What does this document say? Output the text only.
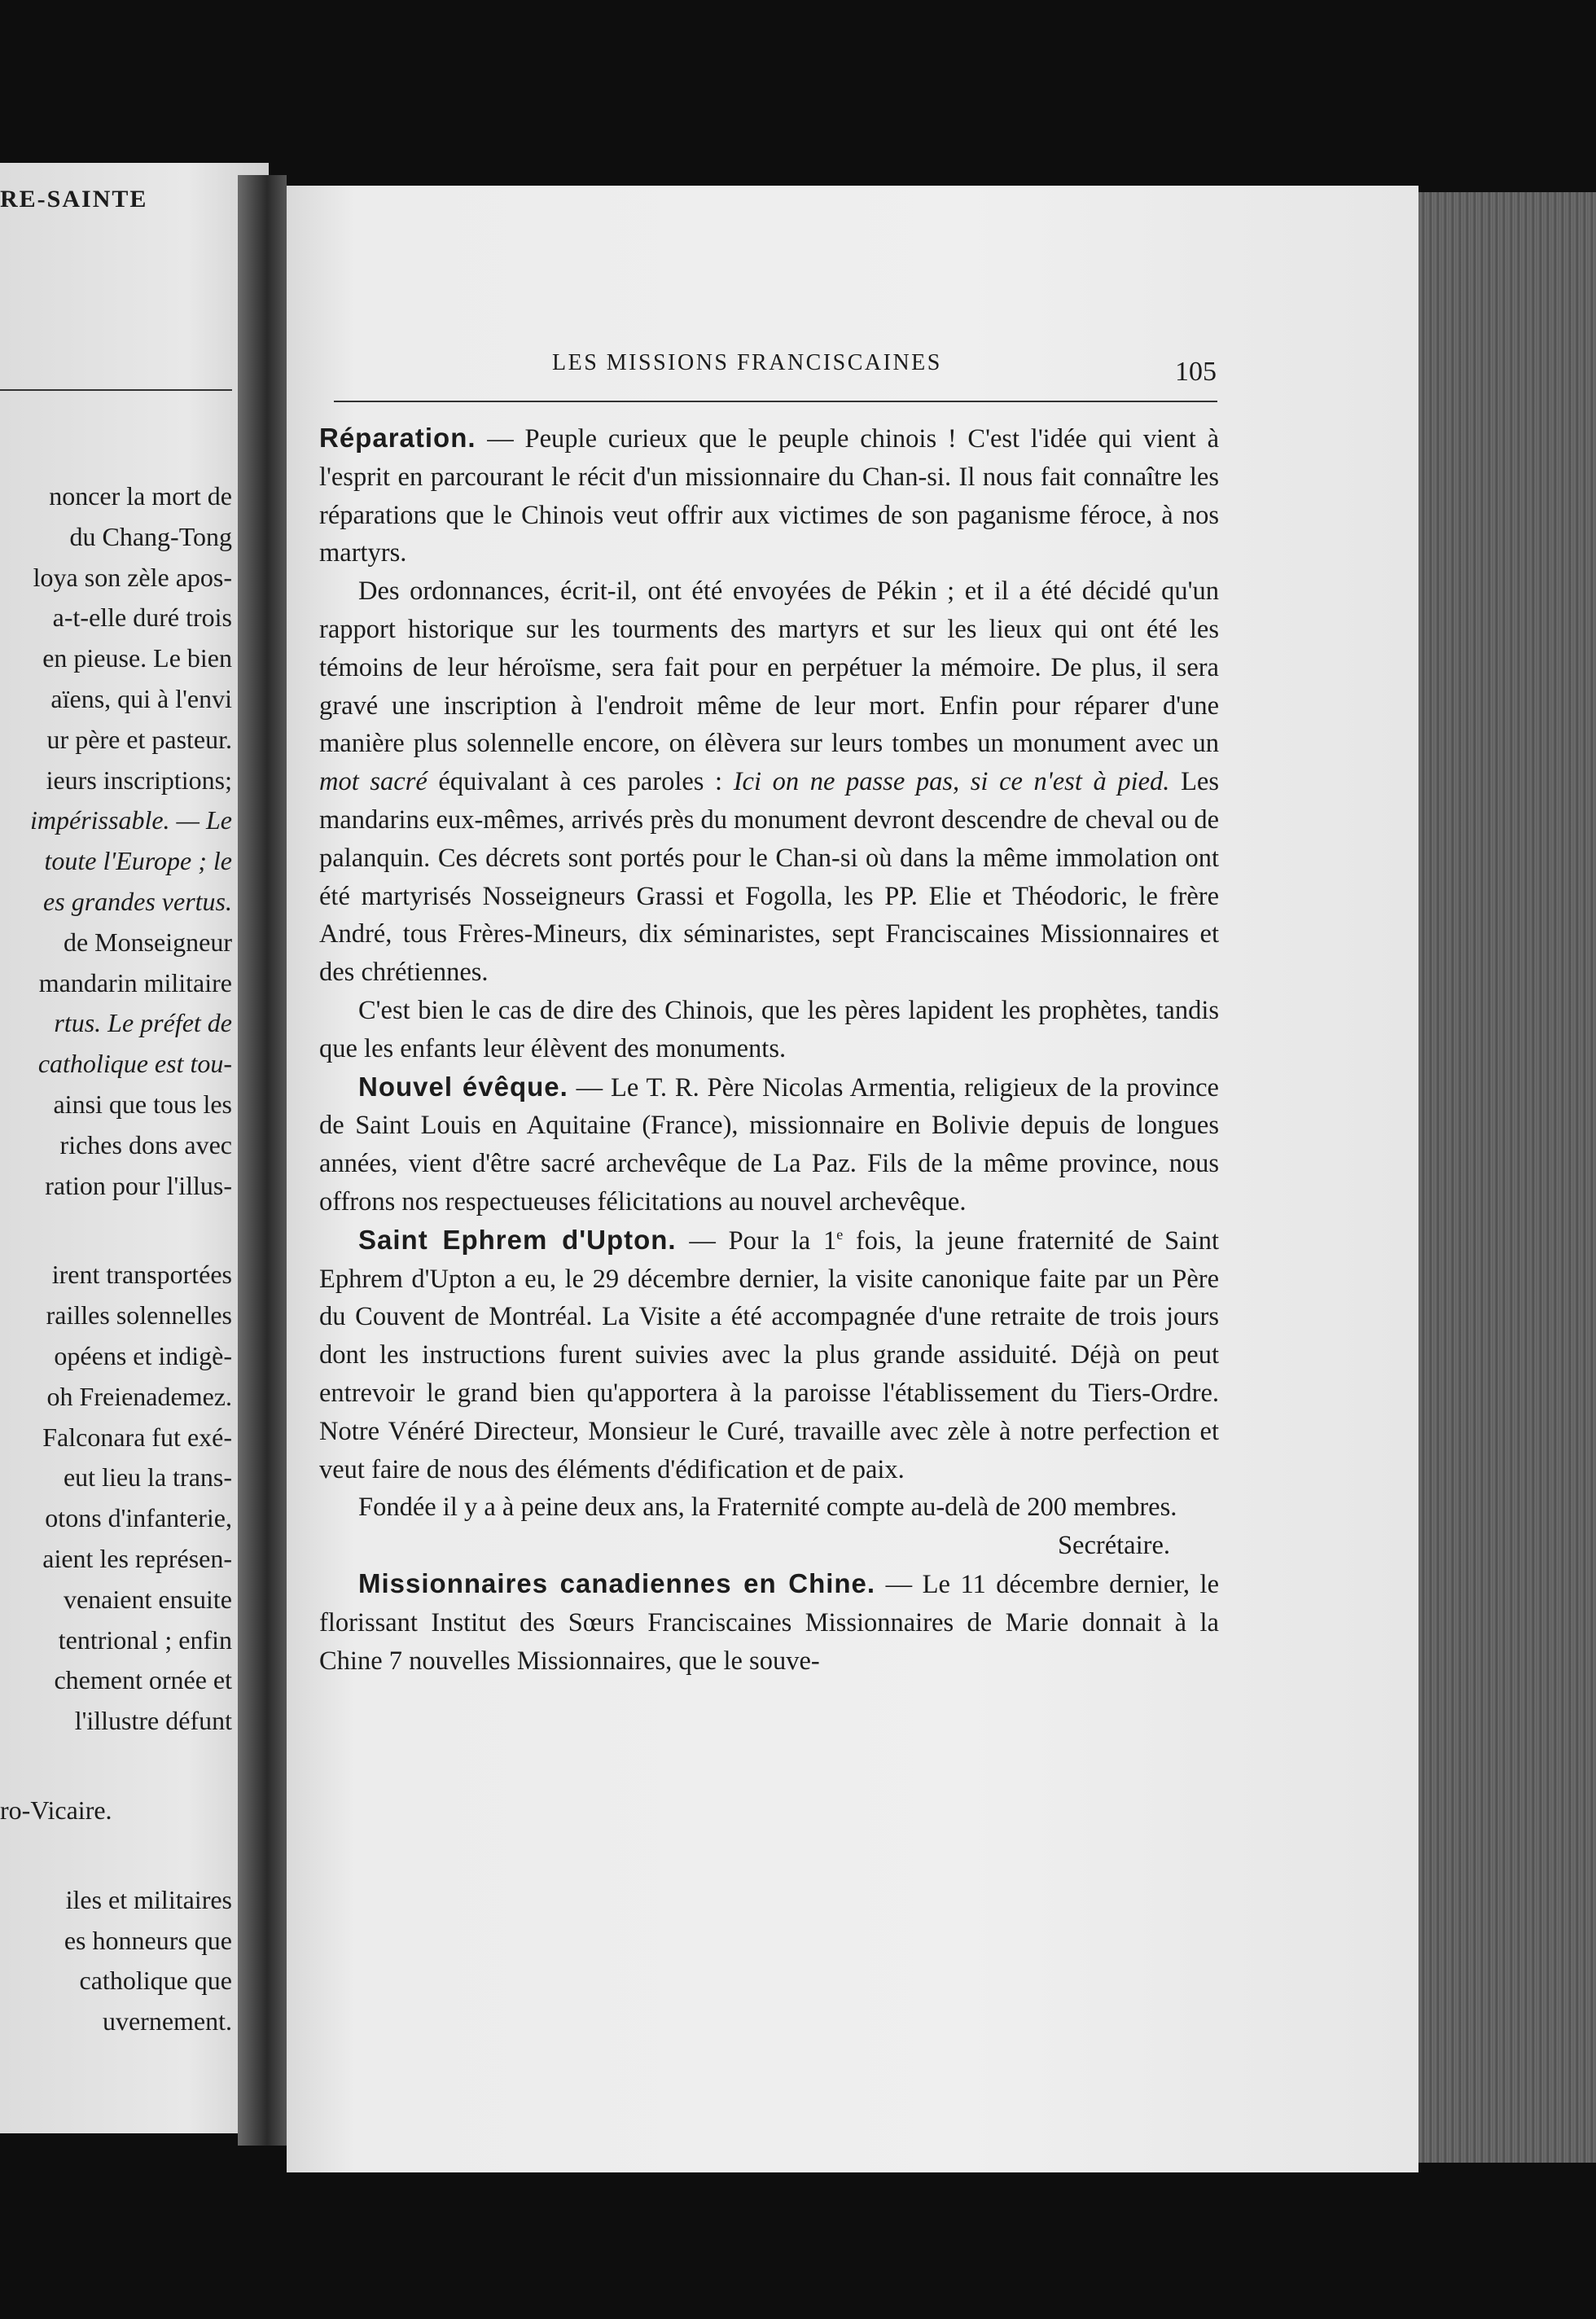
RE-SAINTE
noncer la mort de
du Chang-Tong
loya son zèle apos-
a-t-elle duré trois
en pieuse. Le bien
aïens, qui à l'envi
ur père et pasteur.
ieurs inscriptions;
impérissable. — Le
toute l'Europe ; le
es grandes vertus.
de Monseigneur
mandarin militaire
rtus. Le préfet de
catholique est tou-
ainsi que tous les
riches dons avec
ration pour l'illus-
irent transportées
railles solennelles
opéens et indigè-
oh Freienademez.
Falconara fut exé-
eut lieu la trans-
otons d'infanterie,
aient les représen-
venaient ensuite
tentrional ; enfin
chement ornée et
l'illustre défunt
ro-Vicaire.
iles et militaires
es honneurs que
catholique que
uvernement.
LES MISSIONS FRANCISCAINES	105

Réparation. — Peuple curieux que le peuple chinois ! C'est l'idée qui vient à l'esprit en parcourant le récit d'un missionnaire du Chan-si. Il nous fait connaître les réparations que le Chinois veut offrir aux victimes de son paganisme féroce, à nos martyrs.

Des ordonnances, écrit-il, ont été envoyées de Pékin ; et il a été décidé qu'un rapport historique sur les tourments des martyrs et sur les lieux qui ont été les témoins de leur héroïsme, sera fait pour en perpétuer la mémoire. De plus, il sera gravé une inscription à l'endroit même de leur mort. Enfin pour réparer d'une manière plus solennelle encore, on élèvera sur leurs tombes un monument avec un mot sacré équivalant à ces paroles : Ici on ne passe pas, si ce n'est à pied. Les mandarins eux-mêmes, arrivés près du monument devront descendre de cheval ou de palanquin. Ces décrets sont portés pour le Chan-si où dans la même immolation ont été martyrisés Nosseigneurs Grassi et Fogolla, les PP. Elie et Théodoric, le frère André, tous Frères-Mineurs, dix séminaristes, sept Franciscaines Missionnaires et des chrétiennes.

C'est bien le cas de dire des Chinois, que les pères lapident les prophètes, tandis que les enfants leur élèvent des monuments.

Nouvel évêque. — Le T. R. Père Nicolas Armentia, religieux de la province de Saint Louis en Aquitaine (France), missionnaire en Bolivie depuis de longues années, vient d'être sacré archevêque de La Paz. Fils de la même province, nous offrons nos respectueuses félicitations au nouvel archevêque.

Saint Ephrem d'Upton. — Pour la 1e fois, la jeune fraternité de Saint Ephrem d'Upton a eu, le 29 décembre dernier, la visite canonique faite par un Père du Couvent de Montréal. La Visite a été accompagnée d'une retraite de trois jours dont les instructions furent suivies avec la plus grande assiduité. Déjà on peut entrevoir le grand bien qu'apportera à la paroisse l'établissement du Tiers-Ordre. Notre Vénéré Directeur, Monsieur le Curé, travaille avec zèle à notre perfection et veut faire de nous des éléments d'édification et de paix.

Fondée il y a à peine deux ans, la Fraternité compte au-delà de 200 membres.

Secrétaire.

Missionnaires canadiennes en Chine. — Le 11 décembre dernier, le florissant Institut des Sœurs Franciscaines Missionnaires de Marie donnait à la Chine 7 nouvelles Missionnaires, que le souve-
